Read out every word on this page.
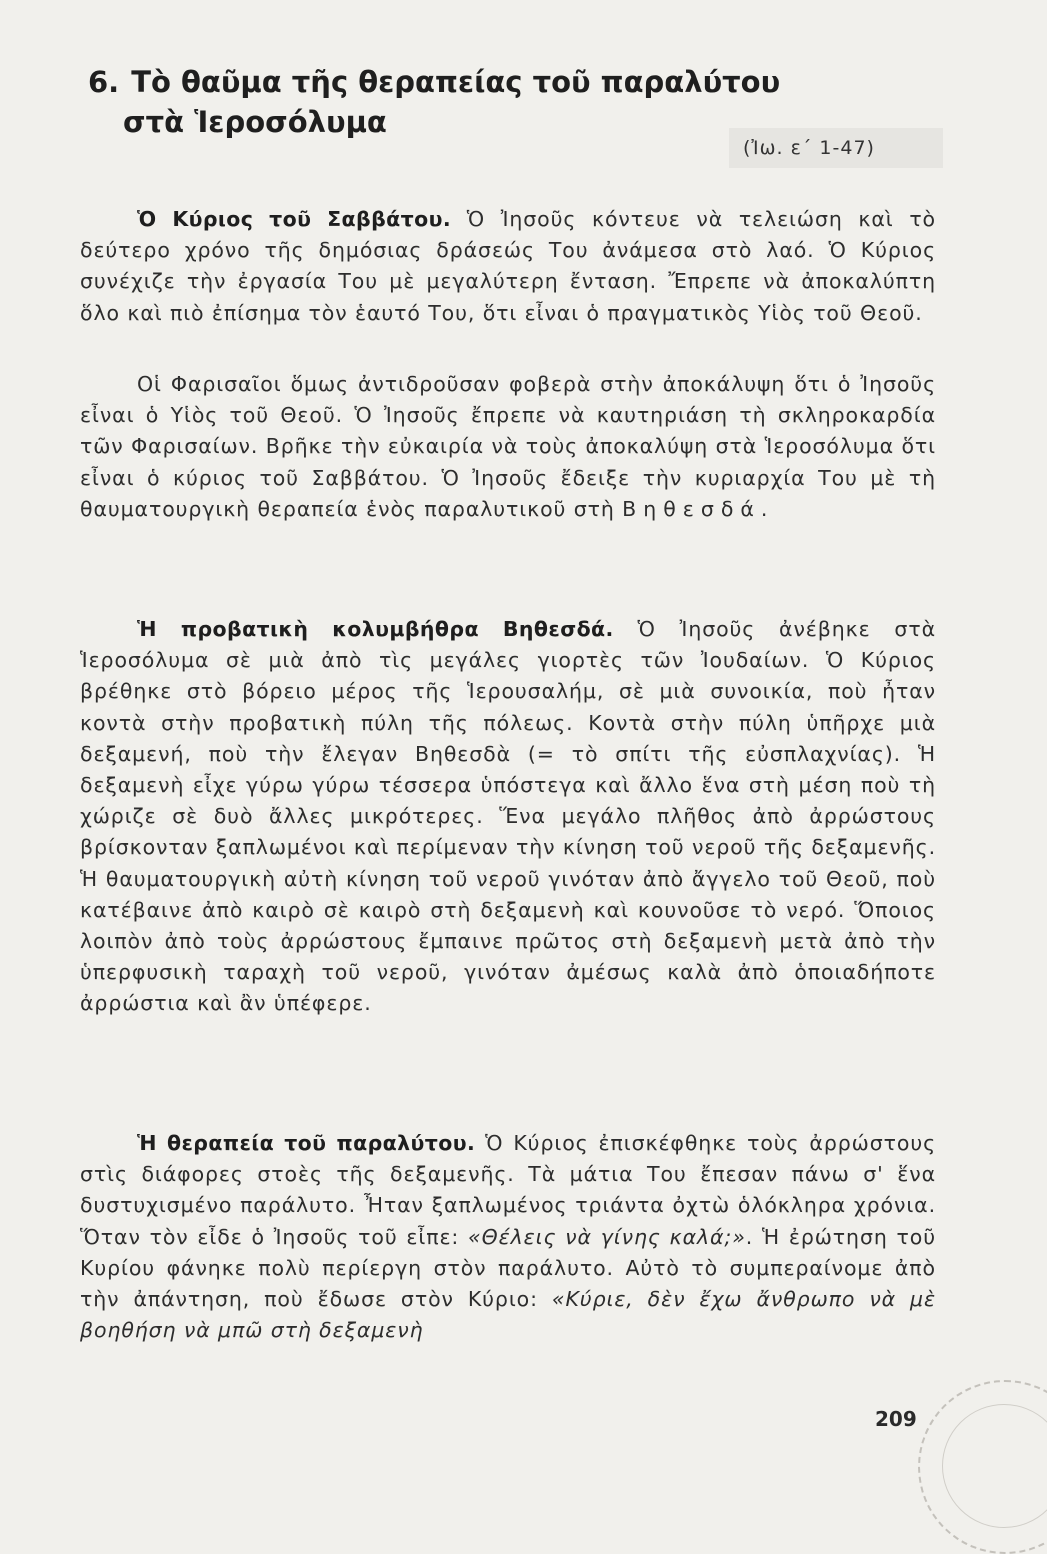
6. Τὸ θαῦμα τῆς θεραπείας τοῦ παραλύτου
στὰ Ἱεροσόλυμα
(Ἰω. ε´ 1-47)

Ὁ Κύριος τοῦ Σαββάτου. Ὁ Ἰησοῦς κόντευε νὰ τελειώση καὶ τὸ δεύτερο χρόνο τῆς δημόσιας δράσεώς Του ἀνάμεσα στὸ λαό. Ὁ Κύριος συνέχιζε τὴν ἐργασία Του μὲ μεγαλύτερη ἔνταση. Ἔπρεπε νὰ ἀποκαλύπτη ὅλο καὶ πιὸ ἐπίσημα τὸν ἑαυτό Του, ὅτι εἶναι ὁ πραγματικὸς Υἱὸς τοῦ Θεοῦ.

Οἱ Φαρισαῖοι ὅμως ἀντιδροῦσαν φοβερὰ στὴν ἀποκάλυψη ὅτι ὁ Ἰησοῦς εἶναι ὁ Υἱὸς τοῦ Θεοῦ. Ὁ Ἰησοῦς ἔπρεπε νὰ καυτηριάση τὴ σκληροκαρδία τῶν Φαρισαίων. Βρῆκε τὴν εὐκαιρία νὰ τοὺς ἀποκαλύψη στὰ Ἱεροσόλυμα ὅτι εἶναι ὁ κύριος τοῦ Σαββάτου. Ὁ Ἰησοῦς ἔδειξε τὴν κυριαρχία Του μὲ τὴ θαυματουργικὴ θεραπεία ἑνὸς παραλυτικοῦ στὴ Βηθεσδά.

Ἡ προβατικὴ κολυμβήθρα Βηθεσδά. Ὁ Ἰησοῦς ἀνέβηκε στὰ Ἱεροσόλυμα σὲ μιὰ ἀπὸ τὶς μεγάλες γιορτὲς τῶν Ἰουδαίων. Ὁ Κύριος βρέθηκε στὸ βόρειο μέρος τῆς Ἱερουσαλήμ, σὲ μιὰ συνοικία, ποὺ ἦταν κοντὰ στὴν προβατικὴ πύλη τῆς πόλεως. Κοντὰ στὴν πύλη ὑπῆρχε μιὰ δεξαμενή, ποὺ τὴν ἔλεγαν Βηθεσδὰ (= τὸ σπίτι τῆς εὐσπλαχνίας). Ἡ δεξαμενὴ εἶχε γύρω γύρω τέσσερα ὑπόστεγα καὶ ἄλλο ἕνα στὴ μέση ποὺ τὴ χώριζε σὲ δυὸ ἄλλες μικρότερες. Ἕνα μεγάλο πλῆθος ἀπὸ ἀρρώστους βρίσκονταν ξαπλωμένοι καὶ περίμεναν τὴν κίνηση τοῦ νεροῦ τῆς δεξαμενῆς. Ἡ θαυματουργικὴ αὐτὴ κίνηση τοῦ νεροῦ γινόταν ἀπὸ ἄγγελο τοῦ Θεοῦ, ποὺ κατέβαινε ἀπὸ καιρὸ σὲ καιρὸ στὴ δεξαμενὴ καὶ κουνοῦσε τὸ νερό. Ὅποιος λοιπὸν ἀπὸ τοὺς ἀρρώστους ἔμπαινε πρῶτος στὴ δεξαμενὴ μετὰ ἀπὸ τὴν ὑπερφυσικὴ ταραχὴ τοῦ νεροῦ, γινόταν ἀμέσως καλὰ ἀπὸ ὁποιαδήποτε ἀρρώστια καὶ ἂν ὑπέφερε.

Ἡ θεραπεία τοῦ παραλύτου. Ὁ Κύριος ἐπισκέφθηκε τοὺς ἀρρώστους στὶς διάφορες στοὲς τῆς δεξαμενῆς. Τὰ μάτια Του ἔπεσαν πάνω σ' ἕνα δυστυχισμένο παράλυτο. Ἦταν ξαπλωμένος τριάντα ὀχτὼ ὁλόκληρα χρόνια. Ὅταν τὸν εἶδε ὁ Ἰησοῦς τοῦ εἶπε: «Θέλεις νὰ γίνης καλά;». Ἡ ἐρώτηση τοῦ Κυρίου φάνηκε πολὺ περίεργη στὸν παράλυτο. Αὐτὸ τὸ συμπεραίνομε ἀπὸ τὴν ἀπάντηση, ποὺ ἔδωσε στὸν Κύριο: «Κύριε, δὲν ἔχω ἄνθρωπο νὰ μὲ βοηθήση νὰ μπῶ στὴ δεξαμενὴ

209
